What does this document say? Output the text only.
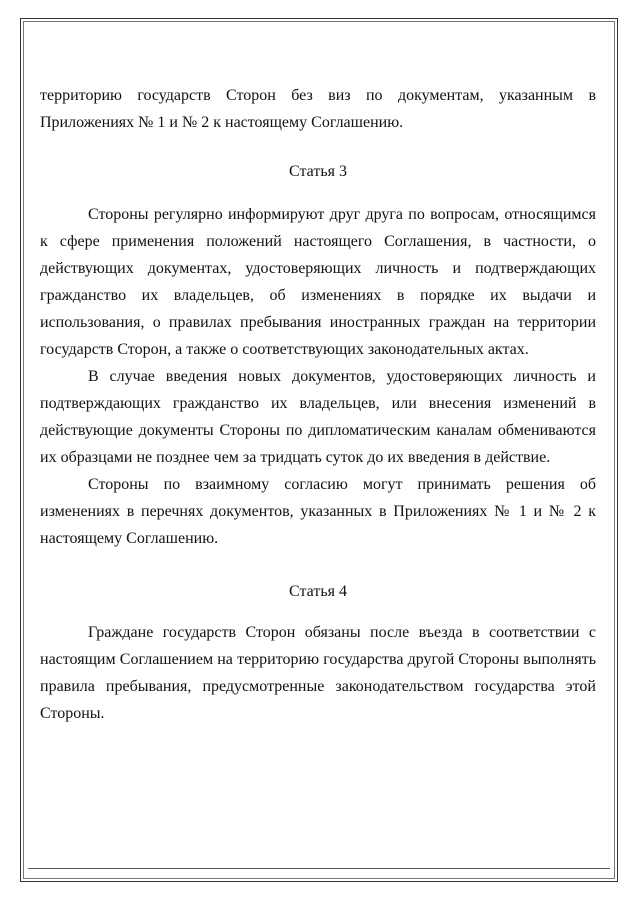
территорию государств Сторон без виз по документам, указанным в Приложениях № 1 и № 2 к настоящему Соглашению.

Статья 3

Стороны регулярно информируют друг друга по вопросам, относящимся к сфере применения положений настоящего Соглашения, в частности, о действующих документах, удостоверяющих личность и подтверждающих гражданство их владельцев, об изменениях в порядке их выдачи и использования, о правилах пребывания иностранных граждан на территории государств Сторон, а также о соответствующих законодательных актах.

В случае введения новых документов, удостоверяющих личность и подтверждающих гражданство их владельцев, или внесения изменений в действующие документы Стороны по дипломатическим каналам обмениваются их образцами не позднее чем за тридцать суток до их введения в действие.

Стороны по взаимному согласию могут принимать решения об изменениях в перечнях документов, указанных в Приложениях № 1 и № 2 к настоящему Соглашению.

Статья 4

Граждане государств Сторон обязаны после въезда в соответствии с настоящим Соглашением на территорию государства другой Стороны выполнять правила пребывания, предусмотренные законодательством государства этой Стороны.
